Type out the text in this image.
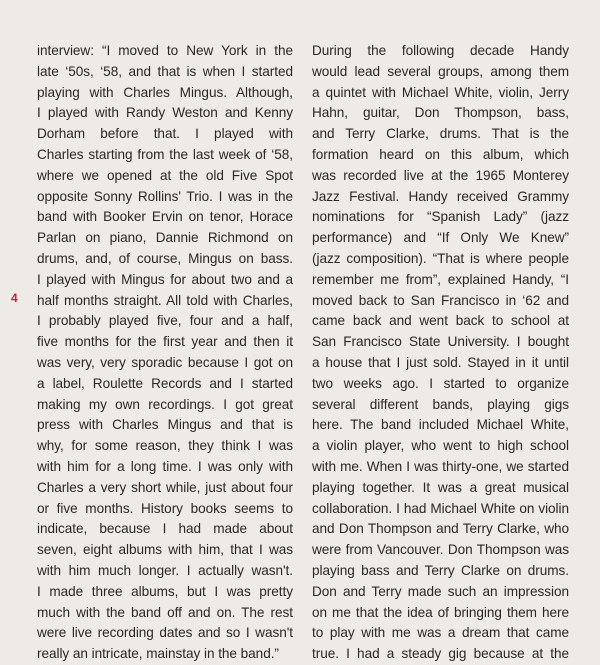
4
interview: “I moved to New York in the
late ‘50s, ‘58, and that is when I started
playing with Charles Mingus. Although,
I played with Randy Weston and Kenny
Dorham before that. I played with
Charles starting from the last week of ‘58,
where we opened at the old Five Spot
opposite Sonny Rollins' Trio. I was in the
band with Booker Ervin on tenor, Horace
Parlan on piano, Dannie Richmond on
drums, and, of course, Mingus on bass.
I played with Mingus for about two and a
half months straight. All told with Charles,
I probably played five, four and a half,
five months for the first year and then it
was very, very sporadic because I got on
a label, Roulette Records and I started
making my own recordings. I got great
press with Charles Mingus and that is
why, for some reason, they think I was
with him for a long time. I was only with
Charles a very short while, just about four
or five months. History books seems to
indicate, because I had made about
seven, eight albums with him, that I was
with him much longer. I actually wasn't.
I made three albums, but I was pretty
much with the band off and on. The rest
were live recording dates and so I wasn't
really an intricate, mainstay in the band.”
During the following decade Handy
would lead several groups, among them
a quintet with Michael White, violin, Jerry
Hahn, guitar, Don Thompson, bass,
and Terry Clarke, drums. That is the
formation heard on this album, which
was recorded live at the 1965 Monterey
Jazz Festival. Handy received Grammy
nominations for “Spanish Lady” (jazz
performance) and “If Only We Knew”
(jazz composition). “That is where people
remember me from”, explained Handy, “I
moved back to San Francisco in ‘62 and
came back and went back to school at
San Francisco State University. I bought
a house that I just sold. Stayed in it until
two weeks ago. I started to organize
several different bands, playing gigs
here. The band included Michael White,
a violin player, who went to high school
with me. When I was thirty-one, we started
playing together. It was a great musical
collaboration. I had Michael White on violin
and Don Thompson and Terry Clarke, who
were from Vancouver. Don Thompson was
playing bass and Terry Clarke on drums.
Don and Terry made such an impression
on me that the idea of bringing them here
to play with me was a dream that came
true. I had a steady gig because at the
